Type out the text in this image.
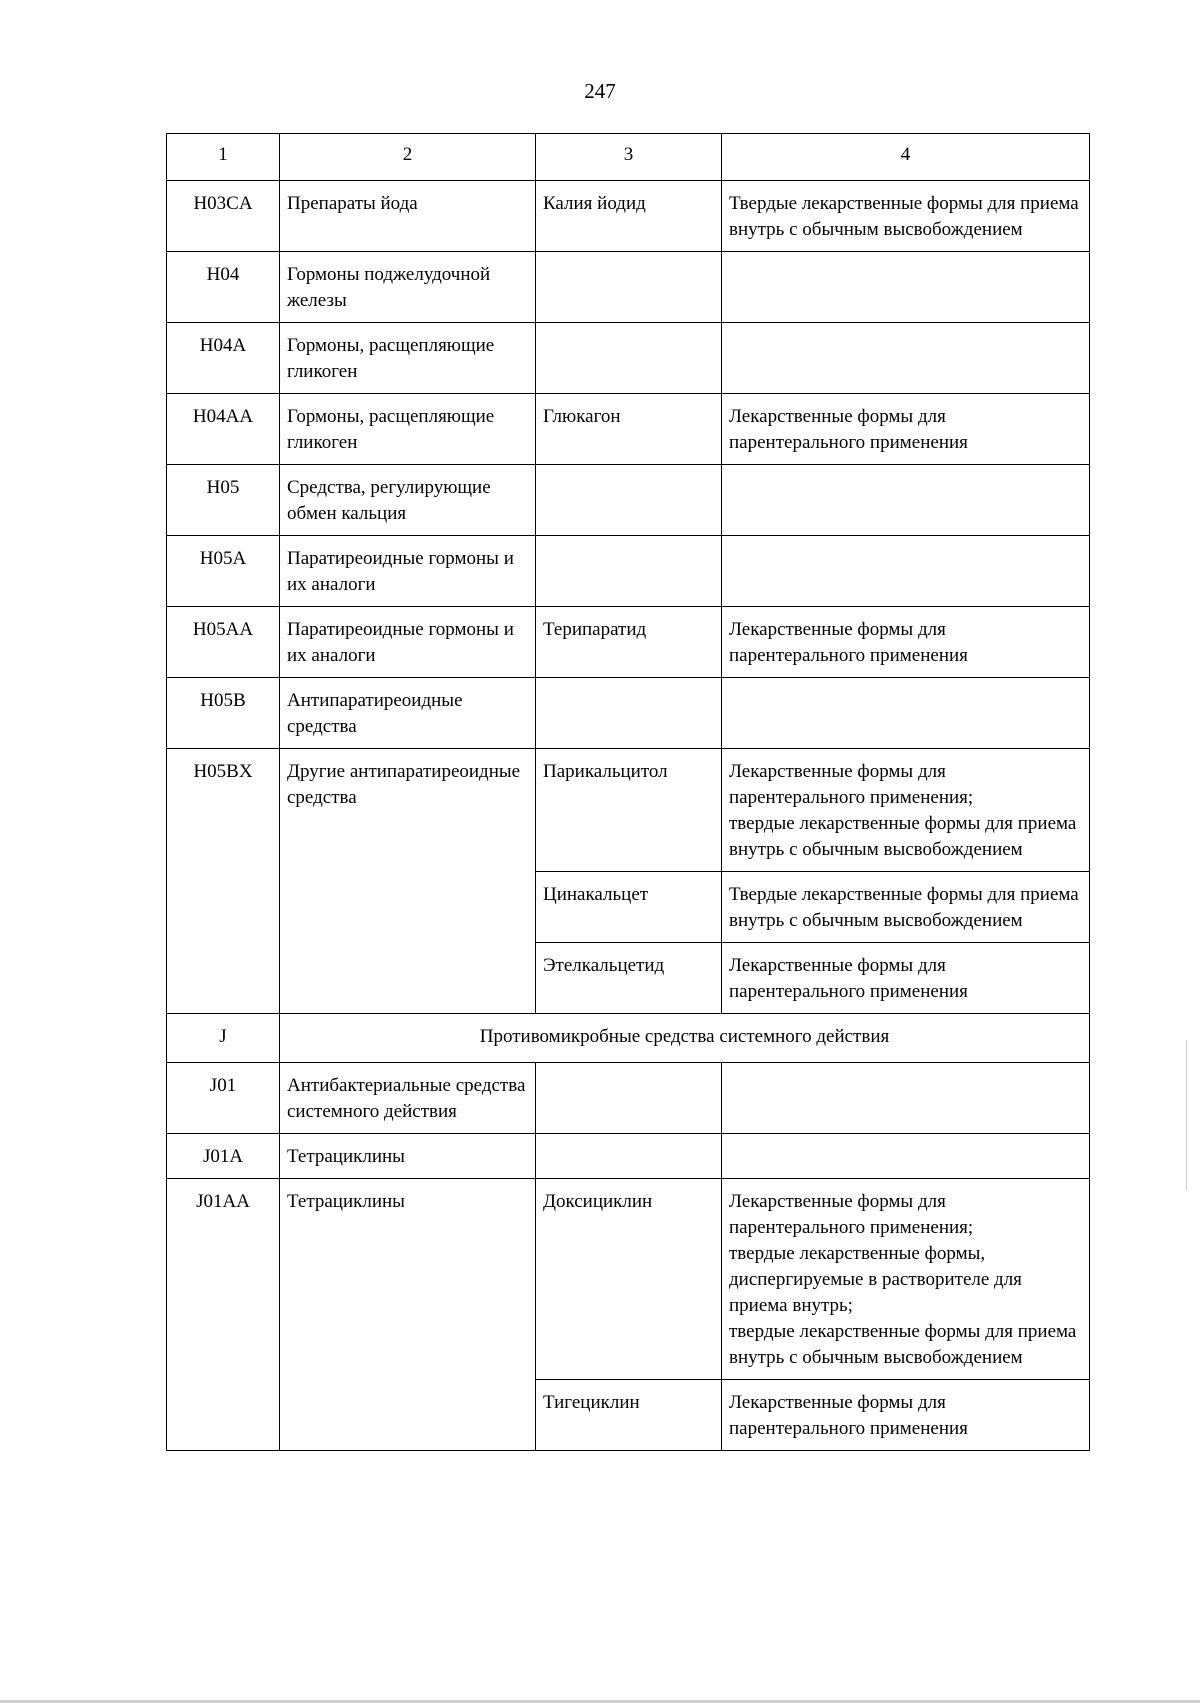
247
1	2	3	4
H03CA	Препараты йода	Калия йодид	Твердые лекарственные формы для приема внутрь с обычным высвобождением

H04	Гормоны поджелудочной железы		
H04A	Гормоны, расщепляющие гликоген		
H04AA	Гормоны, расщепляющие гликоген	Глюкагон	Лекарственные формы для парентерального применения

H05	Средства, регулирующие обмен кальция		
H05A	Паратиреоидные гормоны и их аналоги		
H05AA	Паратиреоидные гормоны и их аналоги	Терипаратид	Лекарственные формы для парентерального применения

H05B	Антипаратиреоидные средства		
H05BX	Другие антипаратиреоидные средства	Парикальцитол	Лекарственные формы для парентерального применения;
твердые лекарственные формы для приема внутрь с обычным высвобождением

		Цинакальцет	Твердые лекарственные формы для приема внутрь с обычным высвобождением

		Этелкальцетид	Лекарственные формы для парентерального применения

J	Противомикробные средства системного действия		
J01	Антибактериальные средства системного действия		
J01A	Тетрациклины		
J01AA	Тетрациклины	Доксициклин	Лекарственные формы для парентерального применения;
твердые лекарственные формы, диспергируемые в растворителе для приема внутрь;
твердые лекарственные формы для приема внутрь с обычным высвобождением

		Тигециклин	Лекарственные формы для парентерального применения
